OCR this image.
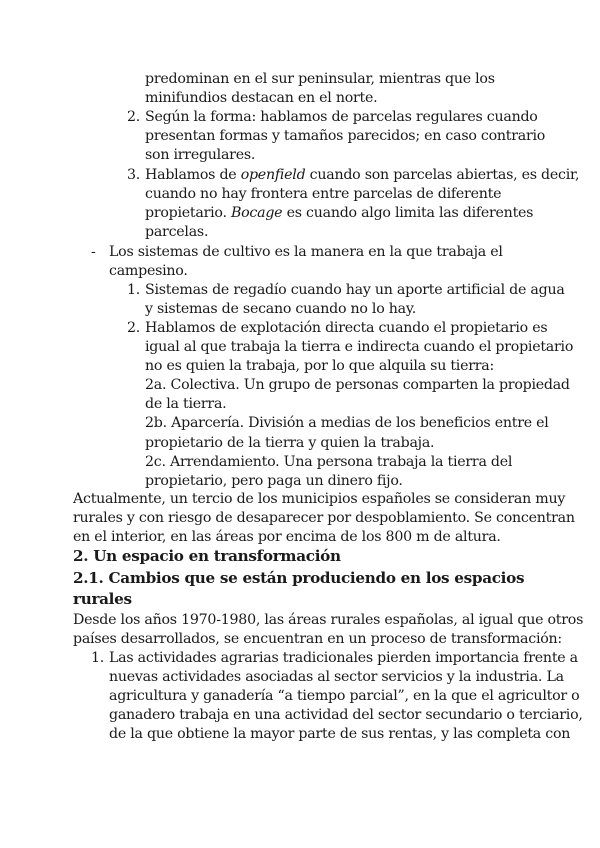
predominan en el sur peninsular, mientras que los
minifundios destacan en el norte.
2. Según la forma: hablamos de parcelas regulares cuando
presentan formas y tamaños parecidos; en caso contrario
son irregulares.
3. Hablamos de openfield cuando son parcelas abiertas, es decir,
cuando no hay frontera entre parcelas de diferente
propietario. Bocage es cuando algo limita las diferentes
parcelas.
- Los sistemas de cultivo es la manera en la que trabaja el
campesino.
1. Sistemas de regadío cuando hay un aporte artificial de agua
y sistemas de secano cuando no lo hay.
2. Hablamos de explotación directa cuando el propietario es
igual al que trabaja la tierra e indirecta cuando el propietario
no es quien la trabaja, por lo que alquila su tierra:
2a. Colectiva. Un grupo de personas comparten la propiedad
de la tierra.
2b. Aparcería. División a medias de los beneficios entre el
propietario de la tierra y quien la trabaja.
2c. Arrendamiento. Una persona trabaja la tierra del
propietario, pero paga un dinero fijo.
Actualmente, un tercio de los municipios españoles se consideran muy
rurales y con riesgo de desaparecer por despoblamiento. Se concentran
en el interior, en las áreas por encima de los 800 m de altura.
2. Un espacio en transformación
2.1. Cambios que se están produciendo en los espacios
rurales
Desde los años 1970-1980, las áreas rurales españolas, al igual que otros
países desarrollados, se encuentran en un proceso de transformación:
1. Las actividades agrarias tradicionales pierden importancia frente a
nuevas actividades asociadas al sector servicios y la industria. La
agricultura y ganadería “a tiempo parcial”, en la que el agricultor o
ganadero trabaja en una actividad del sector secundario o terciario,
de la que obtiene la mayor parte de sus rentas, y las completa con
